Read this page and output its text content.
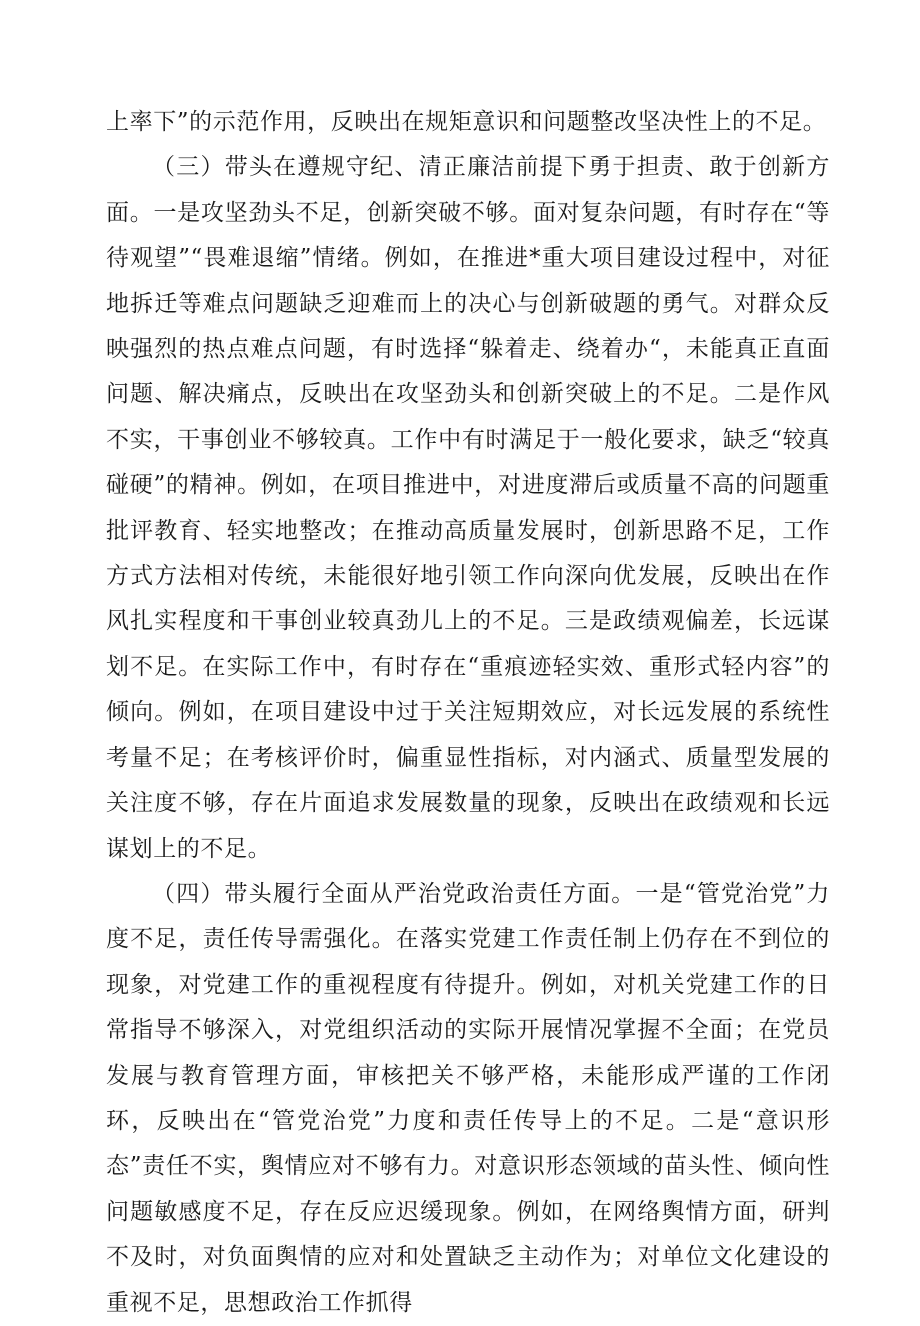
上率下”的示范作用，反映出在规矩意识和问题整改坚决性上的不足。

（三）带头在遵规守纪、清正廉洁前提下勇于担责、敢于创新方面。一是攻坚劲头不足，创新突破不够。面对复杂问题，有时存在“等待观望”“畏难退缩”情绪。例如，在推进*重大项目建设过程中，对征地拆迁等难点问题缺乏迎难而上的决心与创新破题的勇气。对群众反映强烈的热点难点问题，有时选择“躲着走、绕着办“，未能真正直面问题、解决痛点，反映出在攻坚劲头和创新突破上的不足。二是作风不实，干事创业不够较真。工作中有时满足于一般化要求，缺乏“较真碰硬”的精神。例如，在项目推进中，对进度滞后或质量不高的问题重批评教育、轻实地整改；在推动高质量发展时，创新思路不足，工作方式方法相对传统，未能很好地引领工作向深向优发展，反映出在作风扎实程度和干事创业较真劲儿上的不足。三是政绩观偏差，长远谋划不足。在实际工作中，有时存在“重痕迹轻实效、重形式轻内容”的倾向。例如，在项目建设中过于关注短期效应，对长远发展的系统性考量不足；在考核评价时，偏重显性指标，对内涵式、质量型发展的关注度不够，存在片面追求发展数量的现象，反映出在政绩观和长远谋划上的不足。

（四）带头履行全面从严治党政治责任方面。一是“管党治党”力度不足，责任传导需强化。在落实党建工作责任制上仍存在不到位的现象，对党建工作的重视程度有待提升。例如，对机关党建工作的日常指导不够深入，对党组织活动的实际开展情况掌握不全面；在党员发展与教育管理方面，审核把关不够严格，未能形成严谨的工作闭环，反映出在“管党治党”力度和责任传导上的不足。二是“意识形态”责任不实，舆情应对不够有力。对意识形态领域的苗头性、倾向性问题敏感度不足，存在反应迟缓现象。例如，在网络舆情方面，研判不及时，对负面舆情的应对和处置缺乏主动作为；对单位文化建设的重视不足，思想政治工作抓得
